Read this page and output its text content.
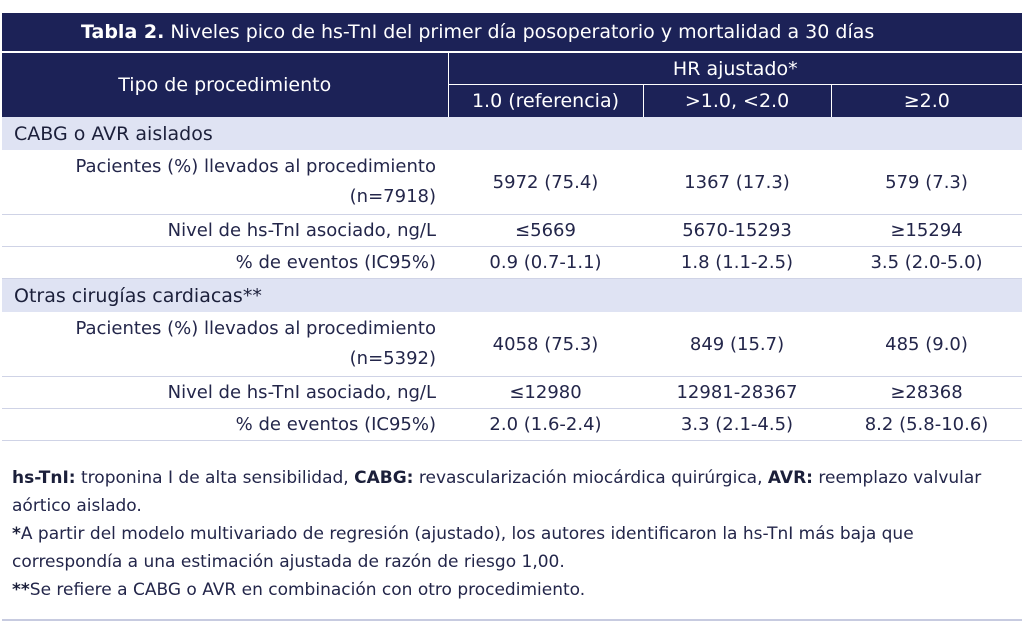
Tabla 2. Niveles pico de hs-TnI del primer día posoperatorio y mortalidad a 30 días			
Tipo de procedimiento	HR ajustado*		
	1.0 (referencia)	>1.0, <2.0	≥2.0
CABG o AVR aislados			
Pacientes (%) llevados al procedimiento
(n=7918)	5972 (75.4)	1367 (17.3)	579 (7.3)
Nivel de hs-TnI asociado, ng/L	≤5669	5670-15293	≥15294
% de eventos (IC95%)	0.9 (0.7-1.1)	1.8 (1.1-2.5)	3.5 (2.0-5.0)
Otras cirugías cardiacas**			
Pacientes (%) llevados al procedimiento
(n=5392)	4058 (75.3)	849 (15.7)	485 (9.0)
Nivel de hs-TnI asociado, ng/L	≤12980	12981-28367	≥28368
% de eventos (IC95%)	2.0 (1.6-2.4)	3.3 (2.1-4.5)	8.2 (5.8-10.6)

hs-TnI: troponina I de alta sensibilidad, CABG: revascularización miocárdica quirúrgica, AVR: reemplazo valvular aórtico aislado.

*A partir del modelo multivariado de regresión (ajustado), los autores identificaron la hs-TnI más baja que correspondía a una estimación ajustada de razón de riesgo 1,00.

**Se refiere a CABG o AVR en combinación con otro procedimiento.
